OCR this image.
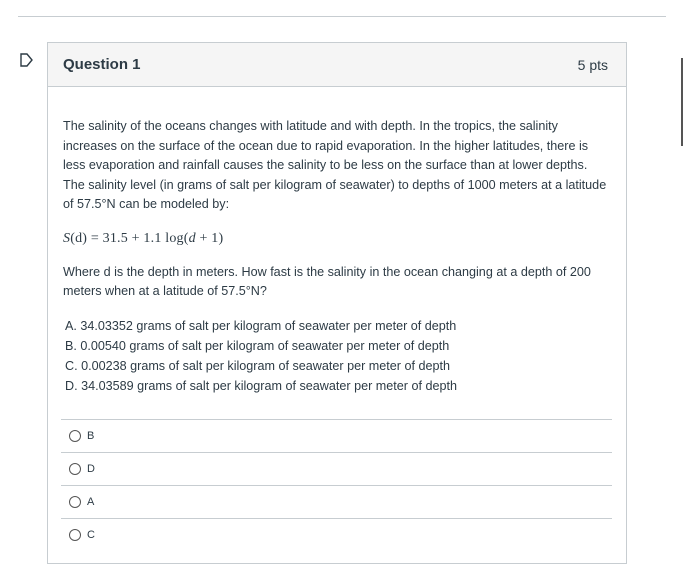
Question 1	5 pts

The salinity of the oceans changes with latitude and with depth. In the tropics, the salinity increases on the surface of the ocean due to rapid evaporation. In the higher latitudes, there is less evaporation and rainfall causes the salinity to be less on the surface than at lower depths. The salinity level (in grams of salt per kilogram of seawater) to depths of 1000 meters at a latitude of 57.5°N can be modeled by:

S(d) = 31.5 + 1.1 log(d + 1)

Where d is the depth in meters. How fast is the salinity in the ocean changing at a depth of 200 meters when at a latitude of 57.5°N?

A. 34.03352 grams of salt per kilogram of seawater per meter of depth
B. 0.00540 grams of salt per kilogram of seawater per meter of depth
C. 0.00238 grams of salt per kilogram of seawater per meter of depth
D. 34.03589 grams of salt per kilogram of seawater per meter of depth
B
D
A
C
